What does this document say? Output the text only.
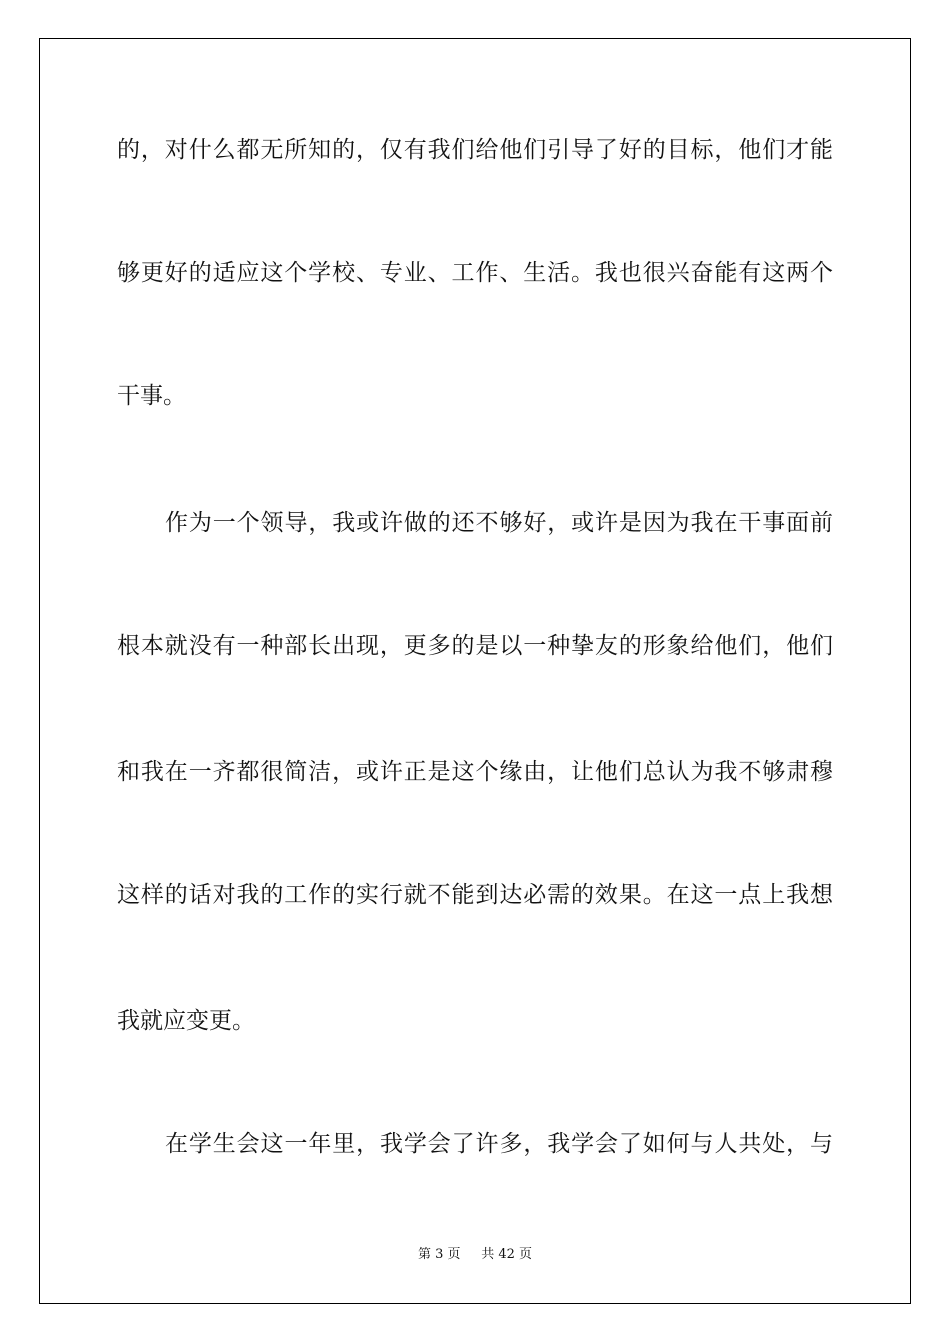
的，对什么都无所知的，仅有我们给他们引导了好的目标，他们才能
够更好的适应这个学校、专业、工作、生活。我也很兴奋能有这两个
干事。
作为一个领导，我或许做的还不够好，或许是因为我在干事面前
根本就没有一种部长出现，更多的是以一种挚友的形象给他们，他们
和我在一齐都很简洁，或许正是这个缘由，让他们总认为我不够肃穆
这样的话对我的工作的实行就不能到达必需的效果。在这一点上我想
我就应变更。
在学生会这一年里，我学会了许多，我学会了如何与人共处，与
第 3 页 共 42 页
